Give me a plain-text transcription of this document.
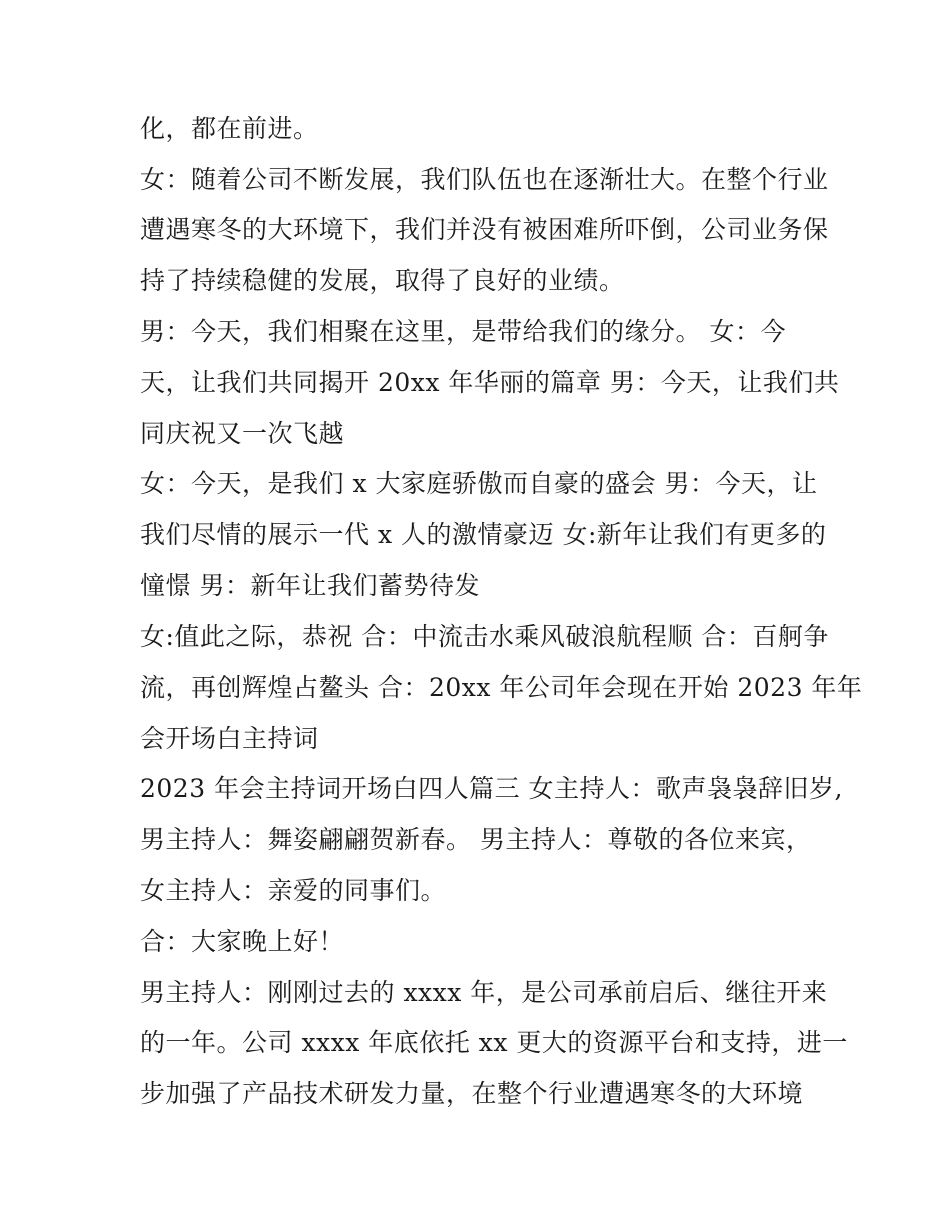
化，都在前进。
女：随着公司不断发展，我们队伍也在逐渐壮大。在整个行业
遭遇寒冬的大环境下，我们并没有被困难所吓倒，公司业务保
持了持续稳健的发展，取得了良好的业绩。
男：今天，我们相聚在这里，是带给我们的缘分。 女：今
天，让我们共同揭开 20xx 年华丽的篇章 男：今天，让我们共
同庆祝又一次飞越
女：今天，是我们 x 大家庭骄傲而自豪的盛会 男：今天，让
我们尽情的展示一代 x 人的激情豪迈 女:新年让我们有更多的
憧憬 男：新年让我们蓄势待发
女:值此之际，恭祝 合：中流击水乘风破浪航程顺 合：百舸争
流，再创辉煌占鳌头 合：20xx 年公司年会现在开始 2023 年年
会开场白主持词
2023 年会主持词开场白四人篇三 女主持人：歌声袅袅辞旧岁,
男主持人：舞姿翩翩贺新春。 男主持人：尊敬的各位来宾，
女主持人：亲爱的同事们。
合：大家晚上好！
男主持人：刚刚过去的 xxxx 年，是公司承前启后、继往开来
的一年。公司 xxxx 年底依托 xx 更大的资源平台和支持，进一
步加强了产品技术研发力量，在整个行业遭遇寒冬的大环境
